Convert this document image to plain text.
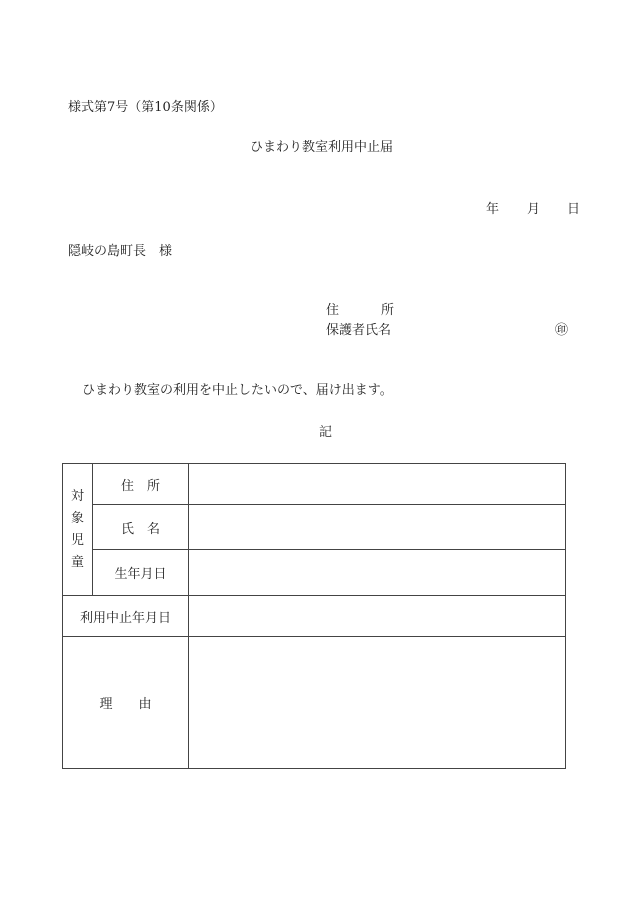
様式第7号（第10条関係）
ひまわり教室利用中止届
年 月 日
隠岐の島町長　様
住	所
保護者氏名	㊞
ひまわり教室の利用を中止したいので、届け出ます。
記
対
象
児
童
住　所
氏　名
生年月日
利用中止年月日
理　　由
